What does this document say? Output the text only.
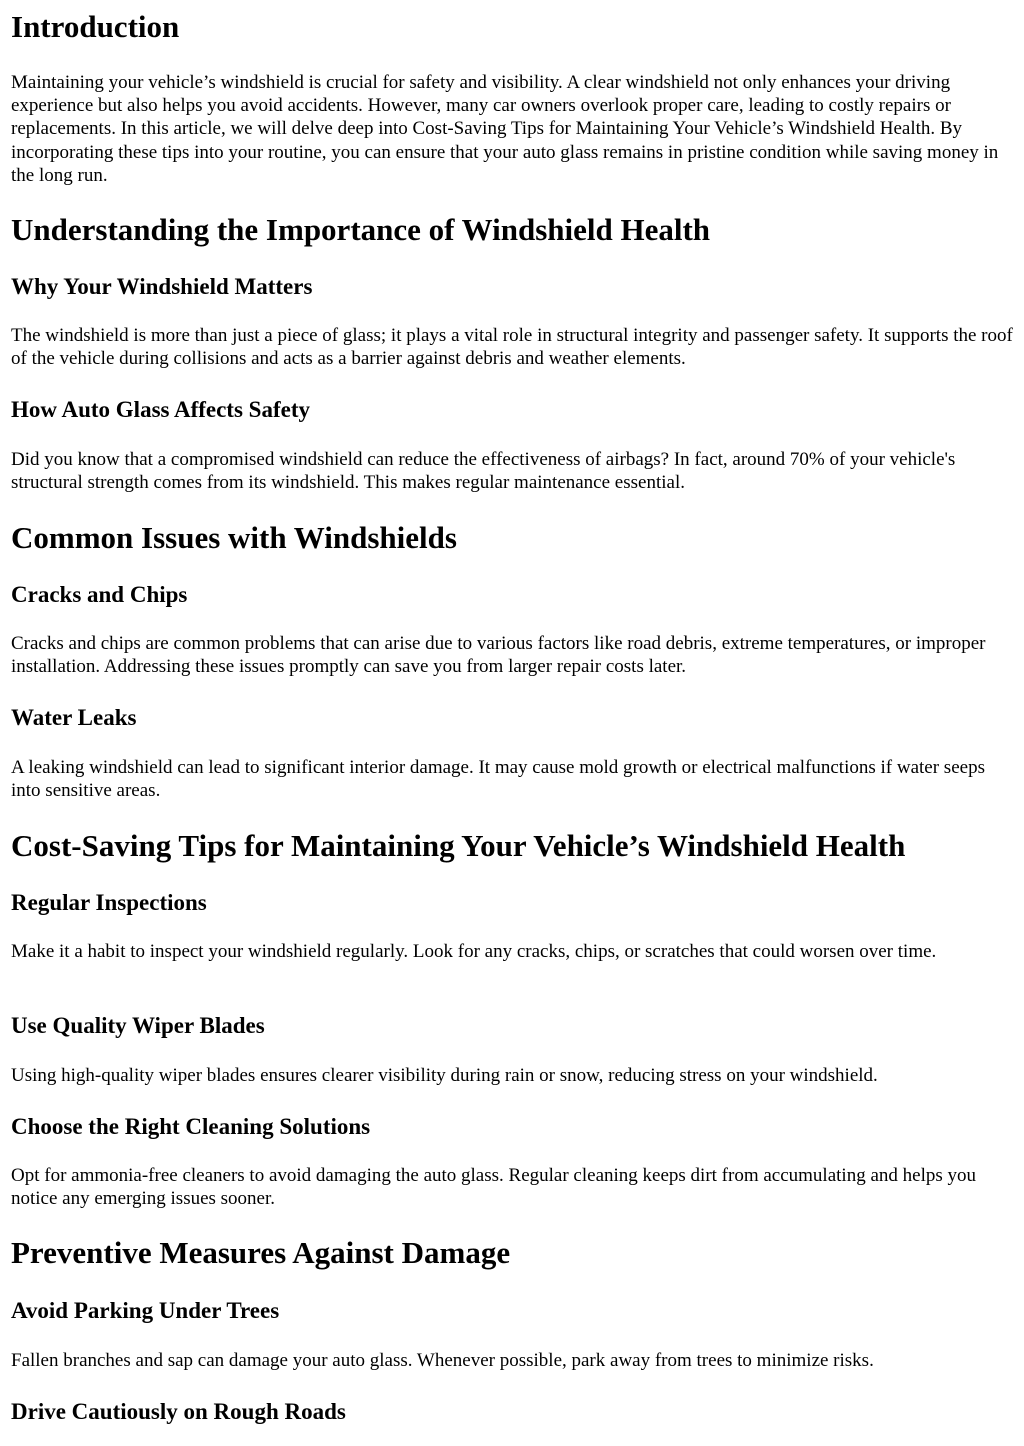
Introduction

Maintaining your vehicle’s windshield is crucial for safety and visibility. A clear windshield not only enhances your driving experience but also helps you avoid accidents. However, many car owners overlook proper care, leading to costly repairs or replacements. In this article, we will delve deep into Cost-Saving Tips for Maintaining Your Vehicle’s Windshield Health. By incorporating these tips into your routine, you can ensure that your auto glass remains in pristine condition while saving money in the long run.

Understanding the Importance of Windshield Health
Why Your Windshield Matters

The windshield is more than just a piece of glass; it plays a vital role in structural integrity and passenger safety. It supports the roof of the vehicle during collisions and acts as a barrier against debris and weather elements.

How Auto Glass Affects Safety

Did you know that a compromised windshield can reduce the effectiveness of airbags? In fact, around 70% of your vehicle's structural strength comes from its windshield. This makes regular maintenance essential.

Common Issues with Windshields
Cracks and Chips

Cracks and chips are common problems that can arise due to various factors like road debris, extreme temperatures, or improper installation. Addressing these issues promptly can save you from larger repair costs later.

Water Leaks

A leaking windshield can lead to significant interior damage. It may cause mold growth or electrical malfunctions if water seeps into sensitive areas.

Cost-Saving Tips for Maintaining Your Vehicle’s Windshield Health
Regular Inspections

Make it a habit to inspect your windshield regularly. Look for any cracks, chips, or scratches that could worsen over time.

Use Quality Wiper Blades

Using high-quality wiper blades ensures clearer visibility during rain or snow, reducing stress on your windshield.

Choose the Right Cleaning Solutions

Opt for ammonia-free cleaners to avoid damaging the auto glass. Regular cleaning keeps dirt from accumulating and helps you notice any emerging issues sooner.

Preventive Measures Against Damage
Avoid Parking Under Trees

Fallen branches and sap can damage your auto glass. Whenever possible, park away from trees to minimize risks.

Drive Cautiously on Rough Roads
